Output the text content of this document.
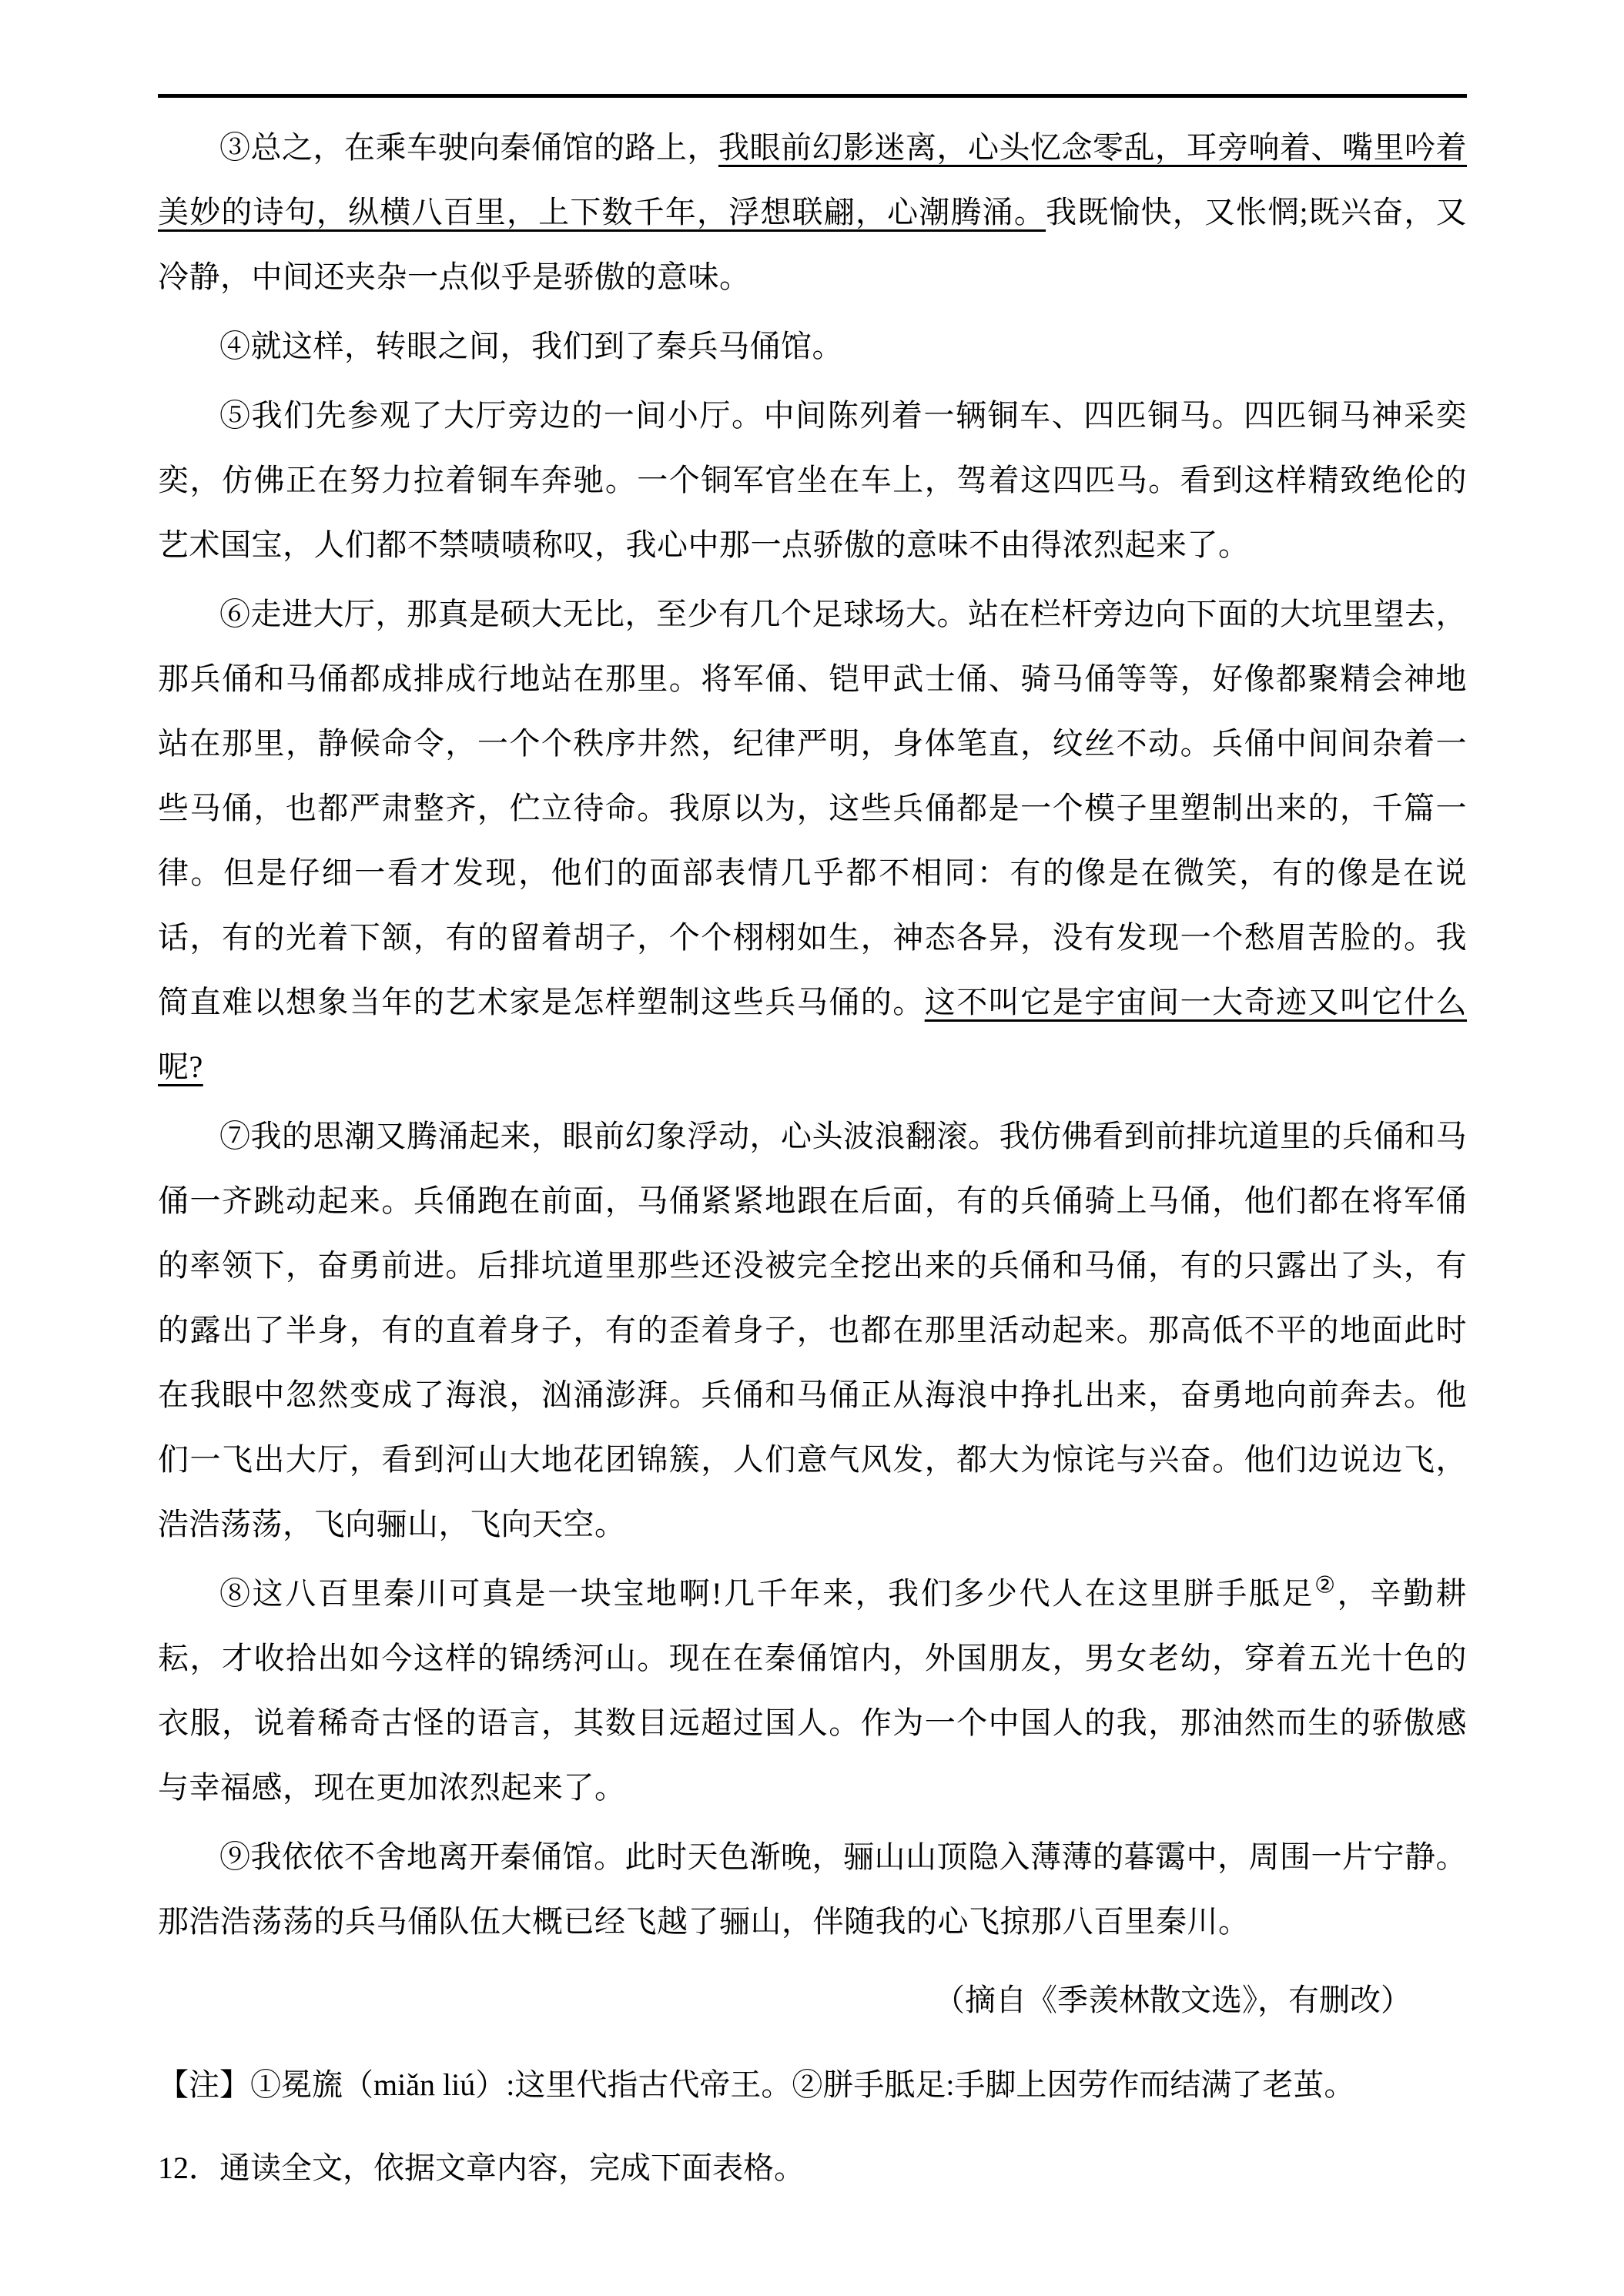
③总之，在乘车驶向秦俑馆的路上，我眼前幻影迷离，心头忆念零乱，耳旁响着、嘴里吟着美妙的诗句，纵横八百里，上下数千年，浮想联翩，心潮腾涌。我既愉快，又怅惘;既兴奋，又冷静，中间还夹杂一点似乎是骄傲的意味。

④就这样，转眼之间，我们到了秦兵马俑馆。

⑤我们先参观了大厅旁边的一间小厅。中间陈列着一辆铜车、四匹铜马。四匹铜马神采奕奕，仿佛正在努力拉着铜车奔驰。一个铜军官坐在车上，驾着这四匹马。看到这样精致绝伦的艺术国宝，人们都不禁啧啧称叹，我心中那一点骄傲的意味不由得浓烈起来了。

⑥走进大厅，那真是硕大无比，至少有几个足球场大。站在栏杆旁边向下面的大坑里望去，那兵俑和马俑都成排成行地站在那里。将军俑、铠甲武士俑、骑马俑等等，好像都聚精会神地站在那里，静候命令，一个个秩序井然，纪律严明，身体笔直，纹丝不动。兵俑中间间杂着一些马俑，也都严肃整齐，伫立待命。我原以为，这些兵俑都是一个模子里塑制出来的，千篇一律。但是仔细一看才发现，他们的面部表情几乎都不相同：有的像是在微笑，有的像是在说话，有的光着下颔，有的留着胡子，个个栩栩如生，神态各异，没有发现一个愁眉苦脸的。我简直难以想象当年的艺术家是怎样塑制这些兵马俑的。这不叫它是宇宙间一大奇迹又叫它什么呢?

⑦我的思潮又腾涌起来，眼前幻象浮动，心头波浪翻滚。我仿佛看到前排坑道里的兵俑和马俑一齐跳动起来。兵俑跑在前面，马俑紧紧地跟在后面，有的兵俑骑上马俑，他们都在将军俑的率领下，奋勇前进。后排坑道里那些还没被完全挖出来的兵俑和马俑，有的只露出了头，有的露出了半身，有的直着身子，有的歪着身子，也都在那里活动起来。那高低不平的地面此时在我眼中忽然变成了海浪，汹涌澎湃。兵俑和马俑正从海浪中挣扎出来，奋勇地向前奔去。他们一飞出大厅，看到河山大地花团锦簇，人们意气风发，都大为惊诧与兴奋。他们边说边飞，浩浩荡荡，飞向骊山，飞向天空。

⑧这八百里秦川可真是一块宝地啊!几千年来，我们多少代人在这里胼手胝足②，辛勤耕耘，才收拾出如今这样的锦绣河山。现在在秦俑馆内，外国朋友，男女老幼，穿着五光十色的衣服，说着稀奇古怪的语言，其数目远超过国人。作为一个中国人的我，那油然而生的骄傲感与幸福感，现在更加浓烈起来了。

⑨我依依不舍地离开秦俑馆。此时天色渐晚，骊山山顶隐入薄薄的暮霭中，周围一片宁静。那浩浩荡荡的兵马俑队伍大概已经飞越了骊山，伴随我的心飞掠那八百里秦川。

（摘自《季羡林散文选》，有删改）

【注】①冕旒（miǎn liú）:这里代指古代帝王。②胼手胝足:手脚上因劳作而结满了老茧。

12．通读全文，依据文章内容，完成下面表格。
